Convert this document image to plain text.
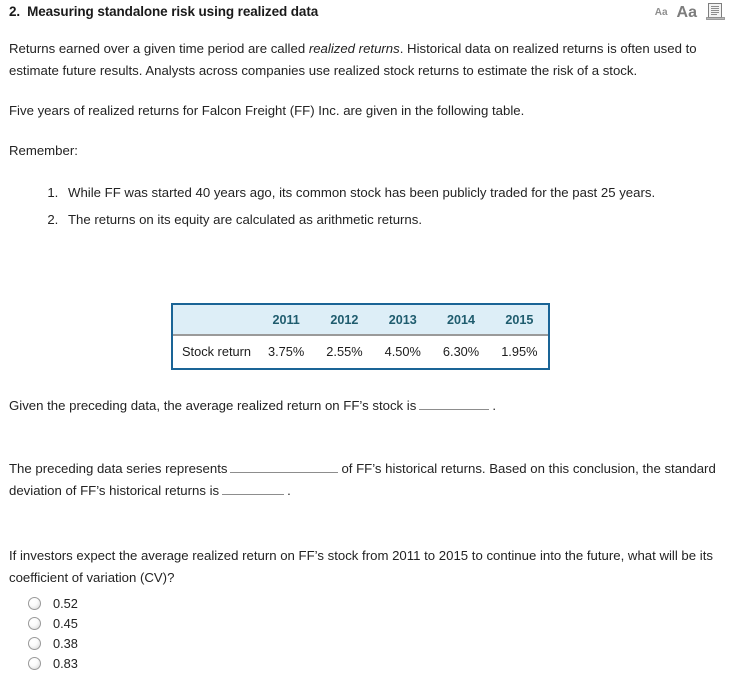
2. Measuring standalone risk using realized data	Aa Aa
Returns earned over a given time period are called realized returns. Historical data on realized returns is often used to estimate future results. Analysts across companies use realized stock returns to estimate the risk of a stock.
Five years of realized returns for Falcon Freight (FF) Inc. are given in the following table.
Remember:
1. While FF was started 40 years ago, its common stock has been publicly traded for the past 25 years.
2. The returns on its equity are calculated as arithmetic returns.
	2011	2012	2013	2014	2015
Stock return	3.75%	2.55%	4.50%	6.30%	1.95%
Given the preceding data, the average realized return on FF’s stock is	.
The preceding data series represents	of FF’s historical returns. Based on this conclusion, the standard deviation of FF’s historical returns is	.
If investors expect the average realized return on FF’s stock from 2011 to 2015 to continue into the future, what will be its coefficient of variation (CV)?
0.52
0.45
0.38
0.83
